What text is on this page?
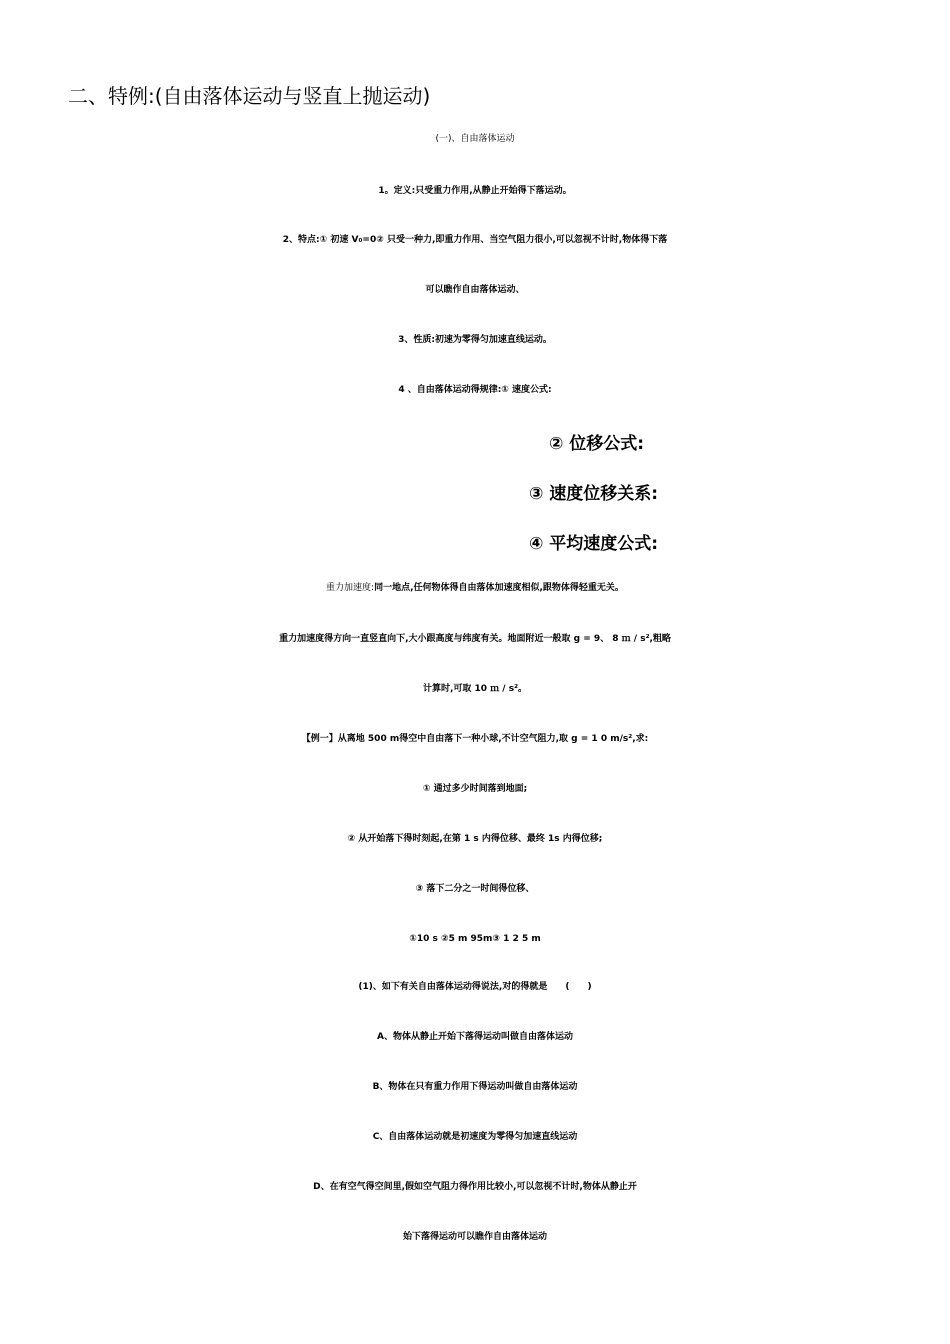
二、特例:(自由落体运动与竖直上抛运动)
(一)、自由落体运动
1。定义:只受重力作用,从静止开始得下落运动。
2、特点:① 初速 V₀=0② 只受一种力,即重力作用、当空气阻力很小,可以忽视不计时,物体得下落
可以瞧作自由落体运动、
3、性质:初速为零得匀加速直线运动。
4 、自由落体运动得规律:① 速度公式:
② 位移公式:
③ 速度位移关系:
④ 平均速度公式:
重力加速度:同一地点,任何物体得自由落体加速度相似,跟物体得轻重无关。
重力加速度得方向一直竖直向下,大小跟高度与纬度有关。地面附近一般取 g = 9、 8 ｍ / s²,粗略
计算时,可取 10 ｍ / s²。
【例一】从离地 500 m得空中自由落下一种小球,不计空气阻力,取 g = 1 0 m/s²,求:
① 通过多少时间落到地面;
② 从开始落下得时刻起,在第 1 s 内得位移、最终 1s 内得位移;
③ 落下二分之一时间得位移、
①10 s ②5 m 95m③ 1 2 5 m
(1)、如下有关自由落体运动得说法,对的得就是　　(　　)
A、物体从静止开始下落得运动叫做自由落体运动
B、物体在只有重力作用下得运动叫做自由落体运动
C、自由落体运动就是初速度为零得匀加速直线运动
D、在有空气得空间里,假如空气阻力得作用比较小,可以忽视不计时,物体从静止开
始下落得运动可以瞧作自由落体运动
